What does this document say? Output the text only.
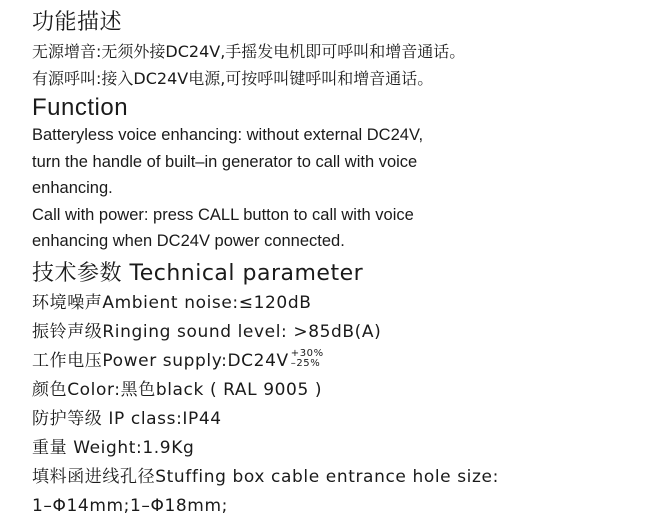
功能描述
无源增音:无须外接DC24V,手摇发电机即可呼叫和增音通话。
有源呼叫:接入DC24V电源,可按呼叫键呼叫和增音通话。
Function
Batteryless voice enhancing: without external DC24V,
turn the handle of built–in generator to call with voice
enhancing.
Call with power: press CALL button to call with voice
enhancing when DC24V power connected.
技术参数 Technical parameter
环境噪声Ambient noise:≤120dB
振铃声级Ringing sound level: >85dB(A)
工作电压Power supply:DC24V +30%
–25%
颜色Color:黑色black ( RAL 9005 )
防护等级 IP class:IP44
重量 Weight:1.9Kg
填料函进线孔径Stuffing box cable entrance hole size:
1–Φ14mm;1–Φ18mm;
